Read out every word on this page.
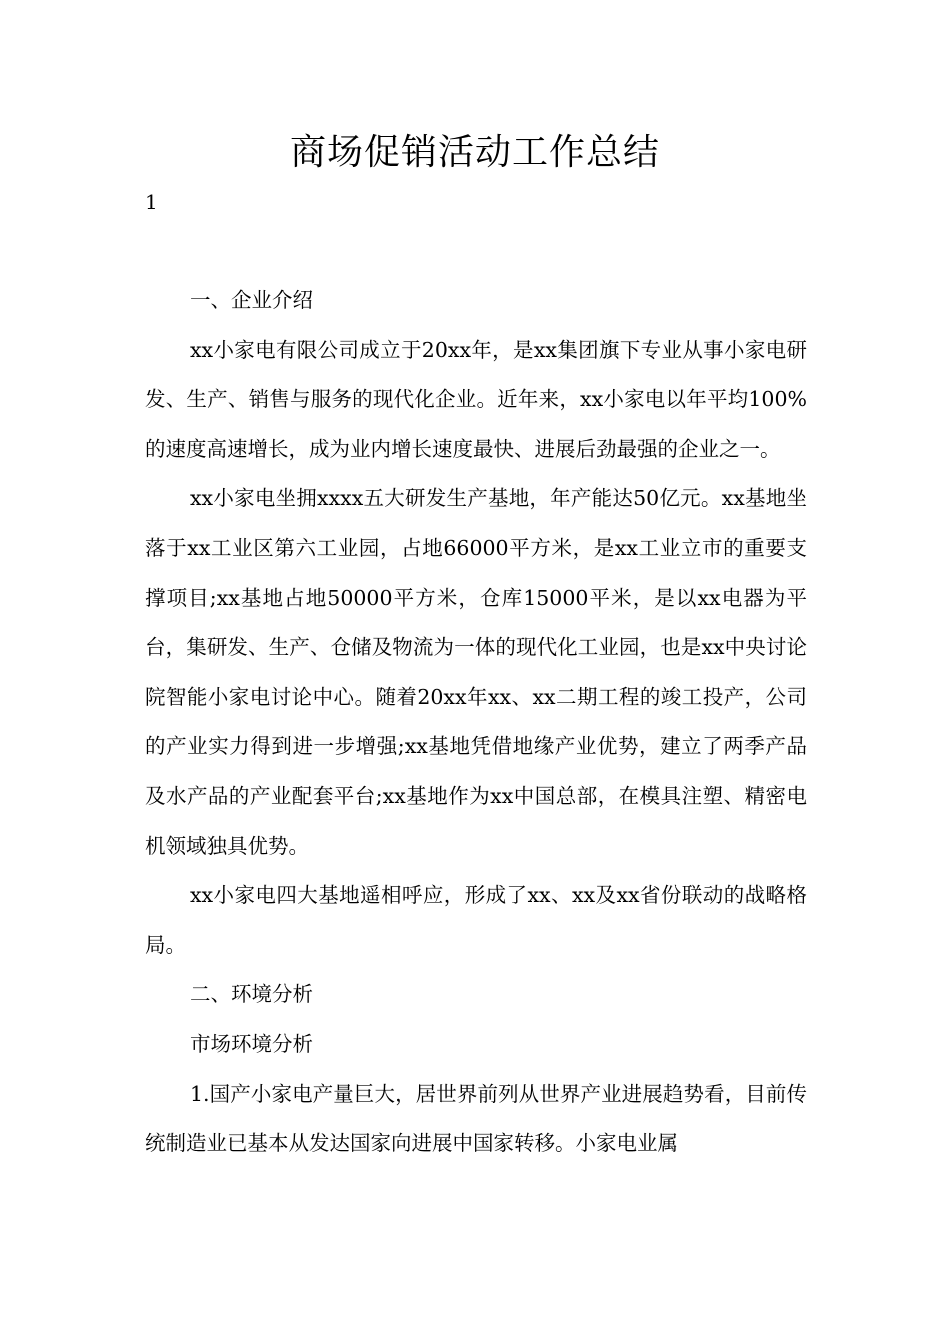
商场促销活动工作总结
1

一、企业介绍

xx小家电有限公司成立于20xx年，是xx集团旗下专业从事小家电研发、生产、销售与服务的现代化企业。近年来，xx小家电以年平均100%的速度高速增长，成为业内增长速度最快、进展后劲最强的企业之一。

xx小家电坐拥xxxx五大研发生产基地，年产能达50亿元。xx基地坐落于xx工业区第六工业园，占地66000平方米，是xx工业立市的重要支撑项目;xx基地占地50000平方米，仓库15000平米，是以xx电器为平台，集研发、生产、仓储及物流为一体的现代化工业园，也是xx中央讨论院智能小家电讨论中心。随着20xx年xx、xx二期工程的竣工投产，公司的产业实力得到进一步增强;xx基地凭借地缘产业优势，建立了两季产品及水产品的产业配套平台;xx基地作为xx中国总部，在模具注塑、精密电机领域独具优势。

xx小家电四大基地遥相呼应，形成了xx、xx及xx省份联动的战略格局。

二、环境分析

市场环境分析

1.国产小家电产量巨大，居世界前列从世界产业进展趋势看，目前传统制造业已基本从发达国家向进展中国家转移。小家电业属
